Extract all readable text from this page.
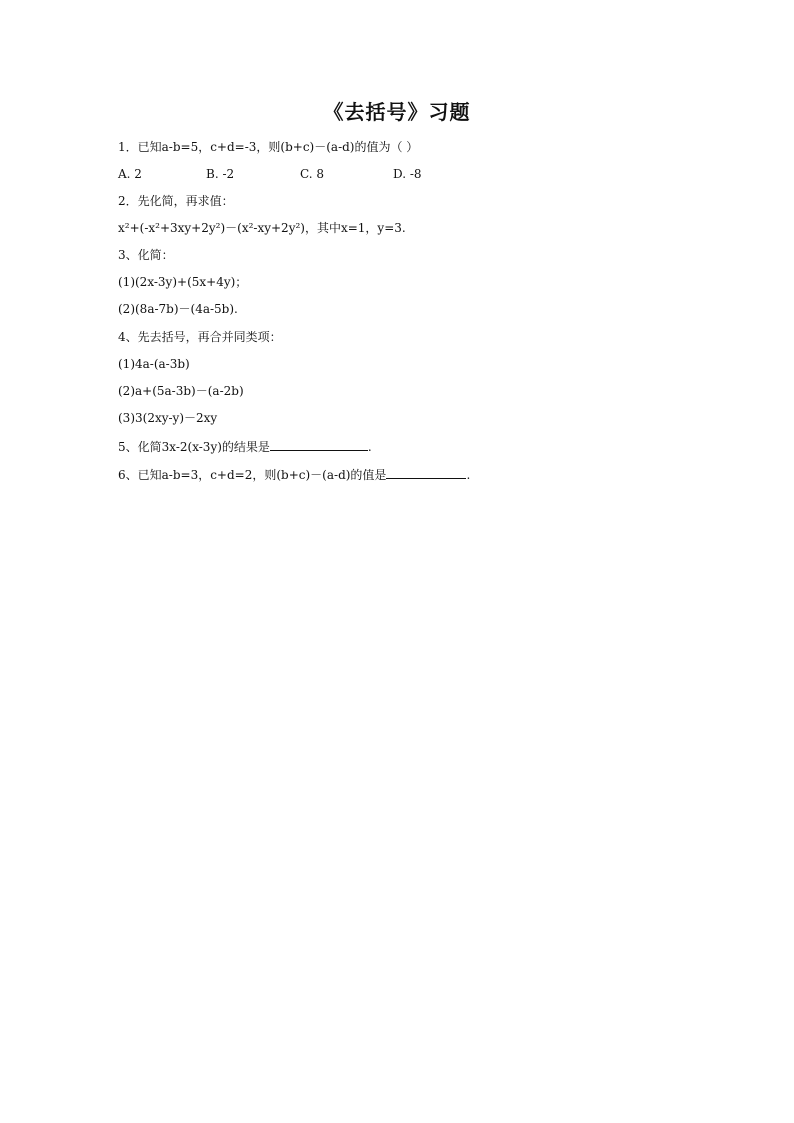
《去括号》习题
1．已知a-b=5，c+d=-3，则(b+c)－(a-d)的值为（ ）
A. 2	B. -2	C. 8	D. -8
2．先化简，再求值：
x²+(-x²+3xy+2y²)－(x²-xy+2y²)，其中x=1，y=3.
3、化简：
(1)(2x-3y)+(5x+4y)；
(2)(8a-7b)－(4a-5b).
4、先去括号，再合并同类项：
(1)4a-(a-3b)
(2)a+(5a-3b)－(a-2b)
(3)3(2xy-y)－2xy
5、化简3x-2(x-3y)的结果是	.
6、已知a-b=3，c+d=2，则(b+c)－(a-d)的值是	.
